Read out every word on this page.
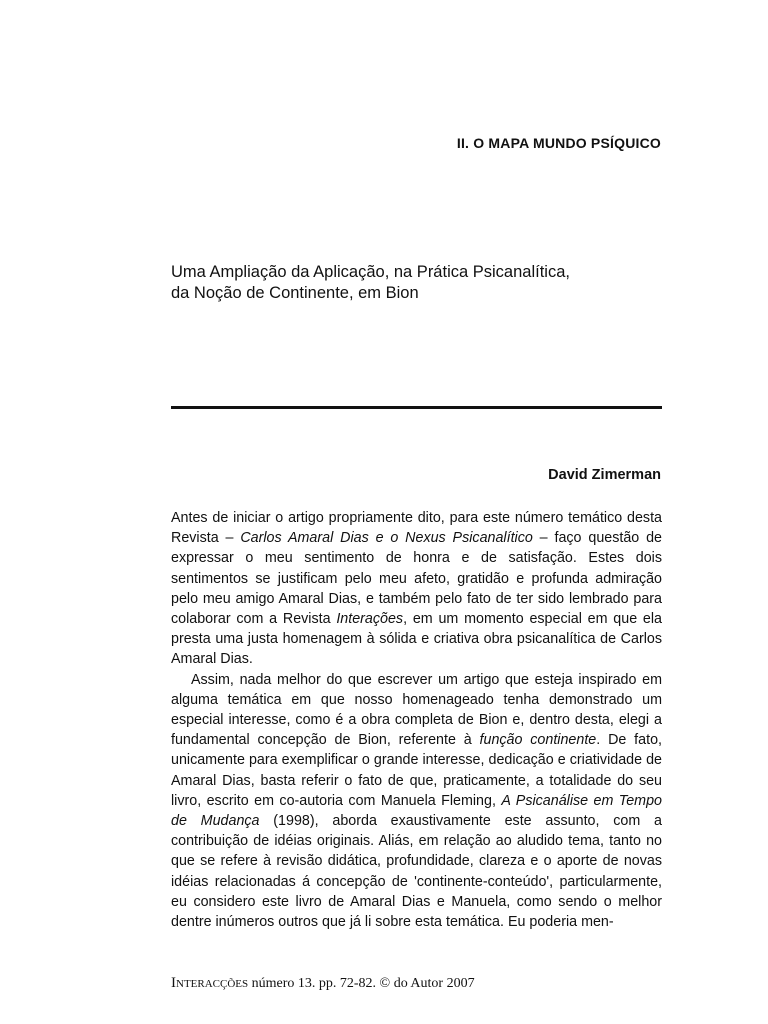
II. O MAPA MUNDO PSÍQUICO
Uma Ampliação da Aplicação, na Prática Psicanalítica,
da Noção de Continente, em Bion
David Zimerman

Antes de iniciar o artigo propriamente dito, para este número temático desta Revista – Carlos Amaral Dias e o Nexus Psicanalítico – faço questão de expressar o meu sentimento de honra e de satisfação. Estes dois sentimentos se justificam pelo meu afeto, gratidão e profunda admiração pelo meu amigo Amaral Dias, e também pelo fato de ter sido lembrado para colaborar com a Revista Interações, em um momento especial em que ela presta uma justa homenagem à sólida e criativa obra psicanalítica de Carlos Amaral Dias.

Assim, nada melhor do que escrever um artigo que esteja inspirado em alguma temática em que nosso homenageado tenha demonstrado um especial interesse, como é a obra completa de Bion e, dentro desta, elegi a fundamental concepção de Bion, referente à função continente. De fato, unicamente para exemplificar o grande interesse, dedicação e criatividade de Amaral Dias, basta referir o fato de que, praticamente, a totalidade do seu livro, escrito em co-autoria com Manuela Fleming, A Psicanálise em Tempo de Mudança (1998), aborda exaustivamente este assunto, com a contribuição de idéias originais. Aliás, em relação ao aludido tema, tanto no que se refere à revisão didática, profundidade, clareza e o aporte de novas idéias relacionadas á concepção de 'continente-conteúdo', particularmente, eu considero este livro de Amaral Dias e Manuela, como sendo o melhor dentre inúmeros outros que já li sobre esta temática. Eu poderia men-

Interacções número 13. pp. 72-82. © do Autor 2007
